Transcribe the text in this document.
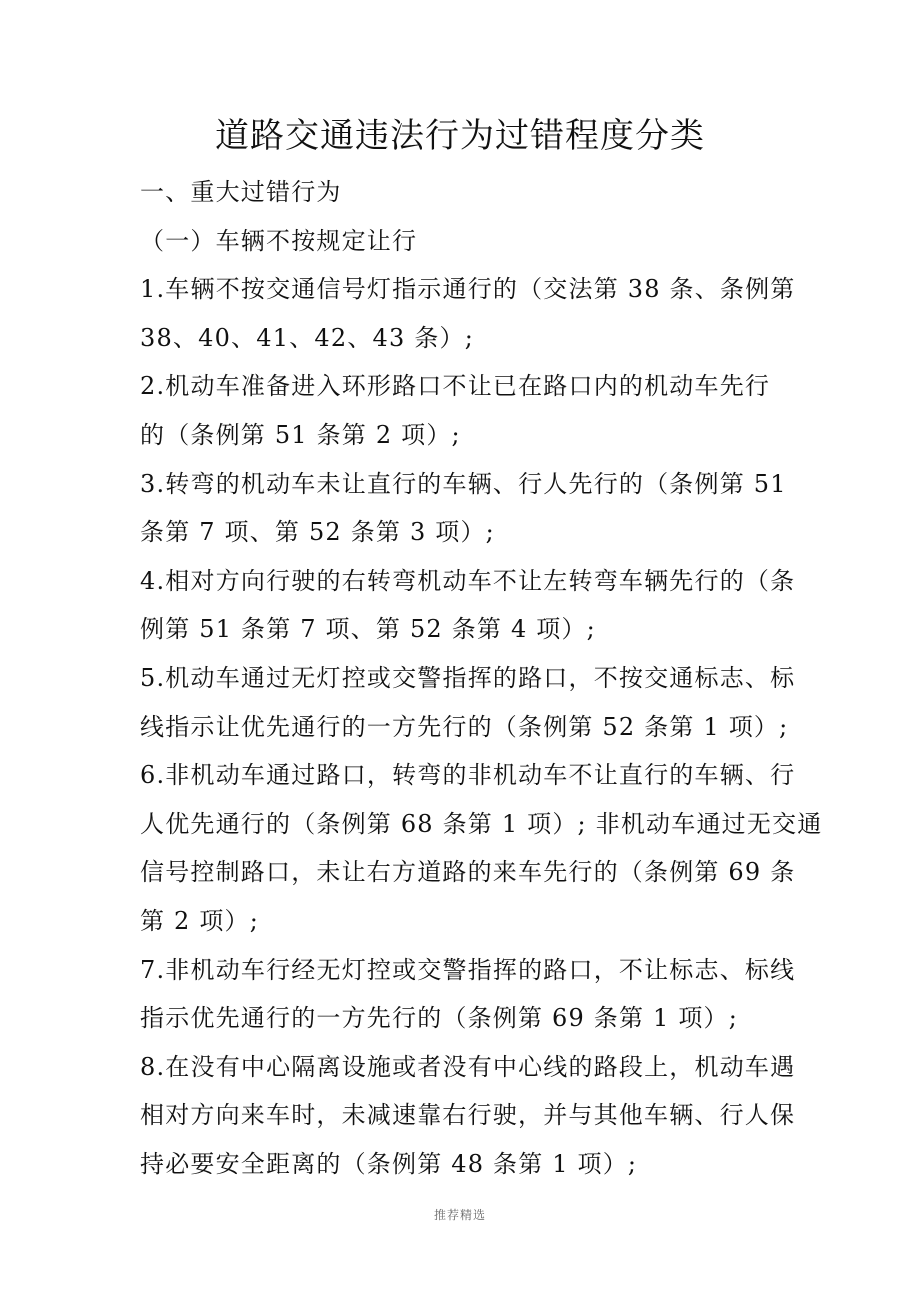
道路交通违法行为过错程度分类
一、重大过错行为
（一）车辆不按规定让行
1.车辆不按交通信号灯指示通行的（交法第 38 条、条例第
38、40、41、42、43 条）;
2.机动车准备进入环形路口不让已在路口内的机动车先行
的（条例第 51 条第 2 项）;
3.转弯的机动车未让直行的车辆、行人先行的（条例第 51
条第 7 项、第 52 条第 3 项）;
4.相对方向行驶的右转弯机动车不让左转弯车辆先行的（条
例第 51 条第 7 项、第 52 条第 4 项）;
5.机动车通过无灯控或交警指挥的路口，不按交通标志、标
线指示让优先通行的一方先行的（条例第 52 条第 1 项）;
6.非机动车通过路口，转弯的非机动车不让直行的车辆、行
人优先通行的（条例第 68 条第 1 项）; 非机动车通过无交通
信号控制路口，未让右方道路的来车先行的（条例第 69 条
第 2 项）;
7.非机动车行经无灯控或交警指挥的路口，不让标志、标线
指示优先通行的一方先行的（条例第 69 条第 1 项）;
8.在没有中心隔离设施或者没有中心线的路段上，机动车遇
相对方向来车时，未减速靠右行驶，并与其他车辆、行人保
持必要安全距离的（条例第 48 条第 1 项）;
推荐精选
